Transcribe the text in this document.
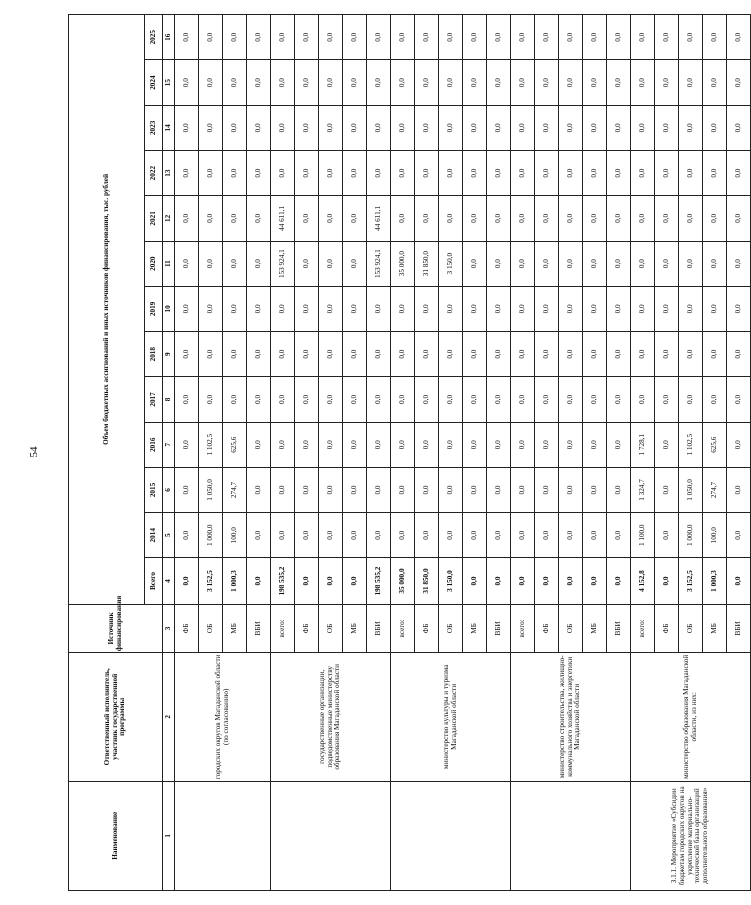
54
Наименование	Ответственный исполнитель, участник государственной программы	Источник финансирования	Объем бюджетных ассигнований и иных источников финансирования, тыс. рублей												
			Всего	2014	2015	2016	2017	2018	2019	2020	2021	2022	2023	2024	2025
1	2	3	4	5	6	7	8	9	10	11	12	13	14	15	16
	городских округов Магаданской области (по согласованию)	ФБ	0,0	0,0	0,0	0,0	0,0	0,0	0,0	0,0	0,0	0,0	0,0	0,0	0,0
		ОБ	3 152,5	1 000,0	1 050,0	1 102,5	0,0	0,0	0,0	0,0	0,0	0,0	0,0	0,0	0,0
		МБ	1 000,3	100,0	274,7	625,6	0,0	0,0	0,0	0,0	0,0	0,0	0,0	0,0	0,0
		ВБИ	0,0	0,0	0,0	0,0	0,0	0,0	0,0	0,0	0,0	0,0	0,0	0,0	0,0
	государственные организации, подведомственные министерству образования Магаданской области	всего:	198 535,2	0,0	0,0	0,0	0,0	0,0	0,0	153 924,1	44 611,1	0,0	0,0	0,0	0,0
		ФБ	0,0	0,0	0,0	0,0	0,0	0,0	0,0	0,0	0,0	0,0	0,0	0,0	0,0
		ОБ	0,0	0,0	0,0	0,0	0,0	0,0	0,0	0,0	0,0	0,0	0,0	0,0	0,0
		МБ	0,0	0,0	0,0	0,0	0,0	0,0	0,0	0,0	0,0	0,0	0,0	0,0	0,0
		ВБИ	198 535,2	0,0	0,0	0,0	0,0	0,0	0,0	153 924,1	44 611,1	0,0	0,0	0,0	0,0
	министерство культуры и туризма Магаданской области	всего:	35 000,0	0,0	0,0	0,0	0,0	0,0	0,0	35 000,0	0,0	0,0	0,0	0,0	0,0
		ФБ	31 850,0	0,0	0,0	0,0	0,0	0,0	0,0	31 850,0	0,0	0,0	0,0	0,0	0,0
		ОБ	3 150,0	0,0	0,0	0,0	0,0	0,0	0,0	3 150,0	0,0	0,0	0,0	0,0	0,0
		МБ	0,0	0,0	0,0	0,0	0,0	0,0	0,0	0,0	0,0	0,0	0,0	0,0	0,0
		ВБИ	0,0	0,0	0,0	0,0	0,0	0,0	0,0	0,0	0,0	0,0	0,0	0,0	0,0
	министерство строительства, жилищно-коммунального хозяйства и энергетики Магаданской области	всего:	0,0	0,0	0,0	0,0	0,0	0,0	0,0	0,0	0,0	0,0	0,0	0,0	0,0
		ФБ	0,0	0,0	0,0	0,0	0,0	0,0	0,0	0,0	0,0	0,0	0,0	0,0	0,0
		ОБ	0,0	0,0	0,0	0,0	0,0	0,0	0,0	0,0	0,0	0,0	0,0	0,0	0,0
		МБ	0,0	0,0	0,0	0,0	0,0	0,0	0,0	0,0	0,0	0,0	0,0	0,0	0,0
		ВБИ	0,0	0,0	0,0	0,0	0,0	0,0	0,0	0,0	0,0	0,0	0,0	0,0	0,0
3.1.1. Мероприятие «Субсидии бюджетам городских округов на укрепление материально-технической базы организаций дополнительного образования»	министерство образования Магаданской области, из них:	всего:	4 152,8	1 100,0	1 324,7	1 728,1	0,0	0,0	0,0	0,0	0,0	0,0	0,0	0,0	0,0
		ФБ	0,0	0,0	0,0	0,0	0,0	0,0	0,0	0,0	0,0	0,0	0,0	0,0	0,0
		ОБ	3 152,5	1 000,0	1 050,0	1 102,5	0,0	0,0	0,0	0,0	0,0	0,0	0,0	0,0	0,0
		МБ	1 000,3	100,0	274,7	625,6	0,0	0,0	0,0	0,0	0,0	0,0	0,0	0,0	0,0
		ВБИ	0,0	0,0	0,0	0,0	0,0	0,0	0,0	0,0	0,0	0,0	0,0	0,0	0,0
